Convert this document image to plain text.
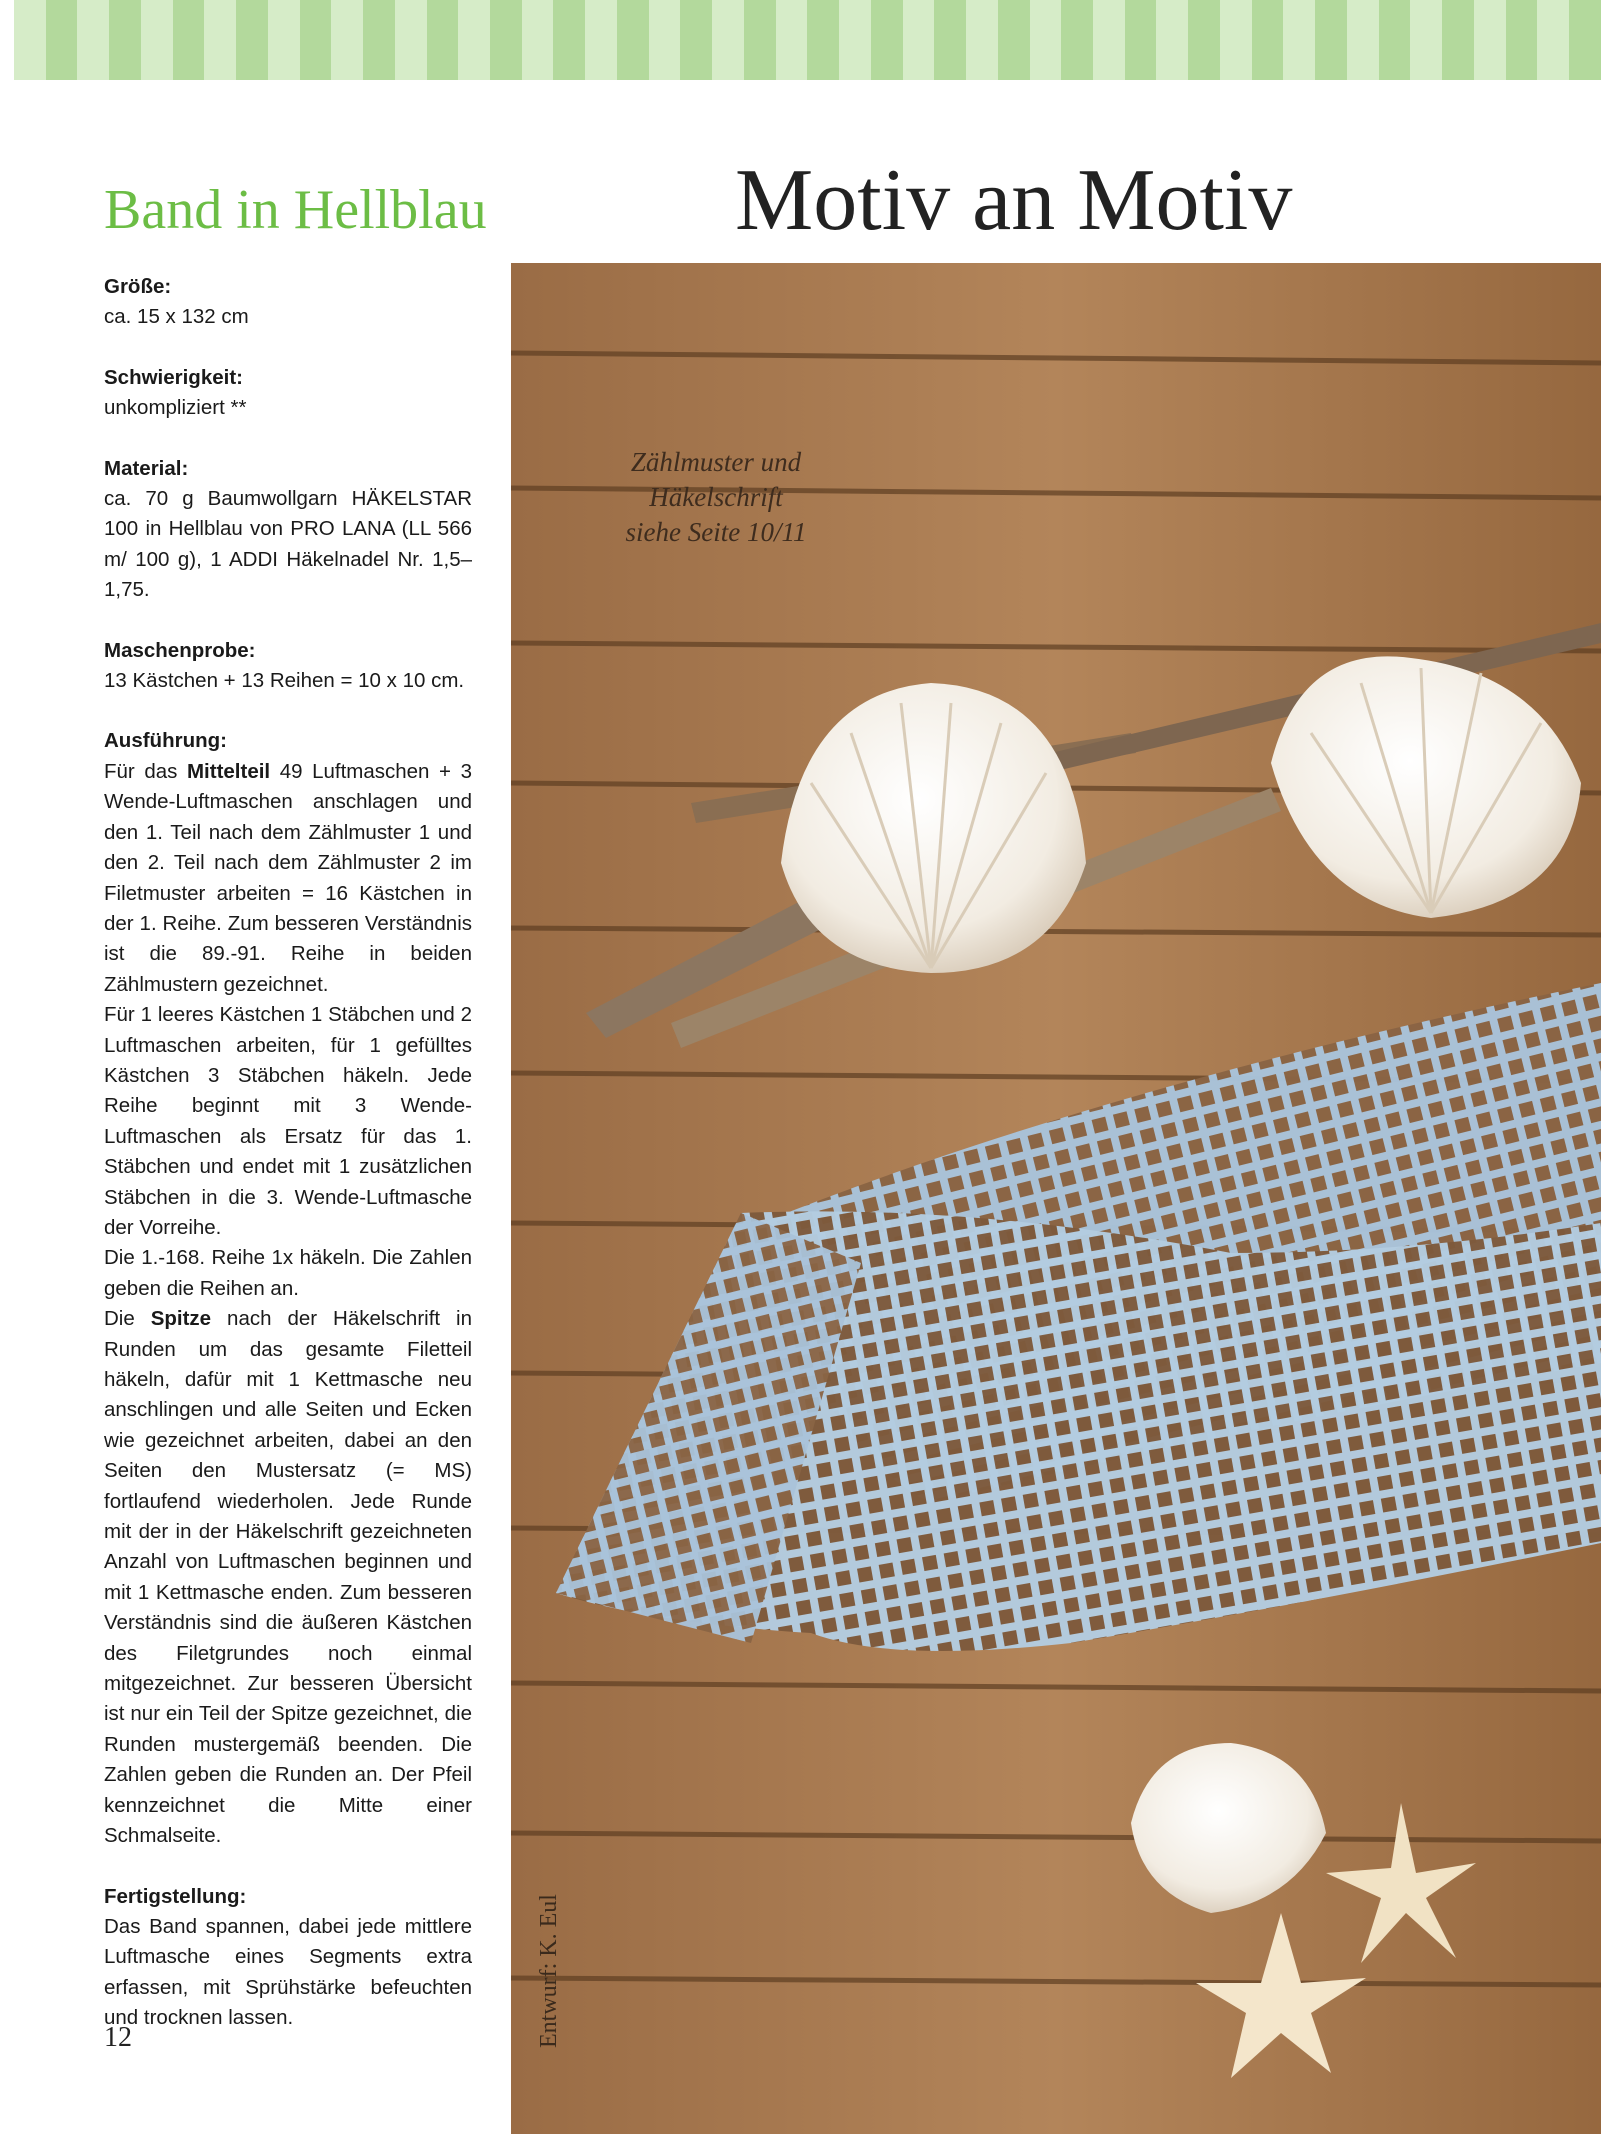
Motiv an Motiv
Band in Hellblau
Größe:
ca. 15 x 132 cm
Schwierigkeit:
unkompliziert **
Material:
ca. 70 g Baumwollgarn HÄKELSTAR 100 in Hellblau von PRO LANA (LL 566 m/ 100 g), 1 ADDI Häkelnadel Nr. 1,5–1,75.
Maschenprobe:
13 Kästchen + 13 Reihen = 10 x 10 cm.
Ausführung:

Für das Mittelteil 49 Luftmaschen + 3 Wende-Luftmaschen anschlagen und den 1. Teil nach dem Zählmuster 1 und den 2. Teil nach dem Zählmuster 2 im Filetmuster arbeiten = 16 Kästchen in der 1. Reihe. Zum besseren Verständnis ist die 89.-91. Reihe in beiden Zählmustern gezeichnet.

Für 1 leeres Kästchen 1 Stäbchen und 2 Luftmaschen arbeiten, für 1 gefülltes Kästchen 3 Stäbchen häkeln. Jede Reihe beginnt mit 3 Wende-Luftmaschen als Ersatz für das 1. Stäbchen und endet mit 1 zusätzlichen Stäbchen in die 3. Wende-Luftmasche der Vorreihe.

Die 1.-168. Reihe 1x häkeln. Die Zahlen geben die Reihen an.

Die Spitze nach der Häkelschrift in Runden um das gesamte Filetteil häkeln, dafür mit 1 Kettmasche neu anschlingen und alle Seiten und Ecken wie gezeichnet arbeiten, dabei an den Seiten den Mustersatz (= MS) fortlaufend wiederholen. Jede Runde mit der in der Häkelschrift gezeichneten Anzahl von Luftmaschen beginnen und mit 1 Kettmasche enden. Zum besseren Verständnis sind die äußeren Kästchen des Filetgrundes noch einmal mitgezeichnet. Zur besseren Übersicht ist nur ein Teil der Spitze gezeichnet, die Runden mustergemäß beenden. Die Zahlen geben die Runden an. Der Pfeil kennzeichnet die Mitte einer Schmalseite.

Fertigstellung:
Das Band spannen, dabei jede mittlere Luftmasche eines Segments extra erfassen, mit Sprühstärke befeuchten und trocknen lassen.
12
Zählmuster und
Häkelschrift
siehe Seite 10/11
Entwurf: K. Eul
